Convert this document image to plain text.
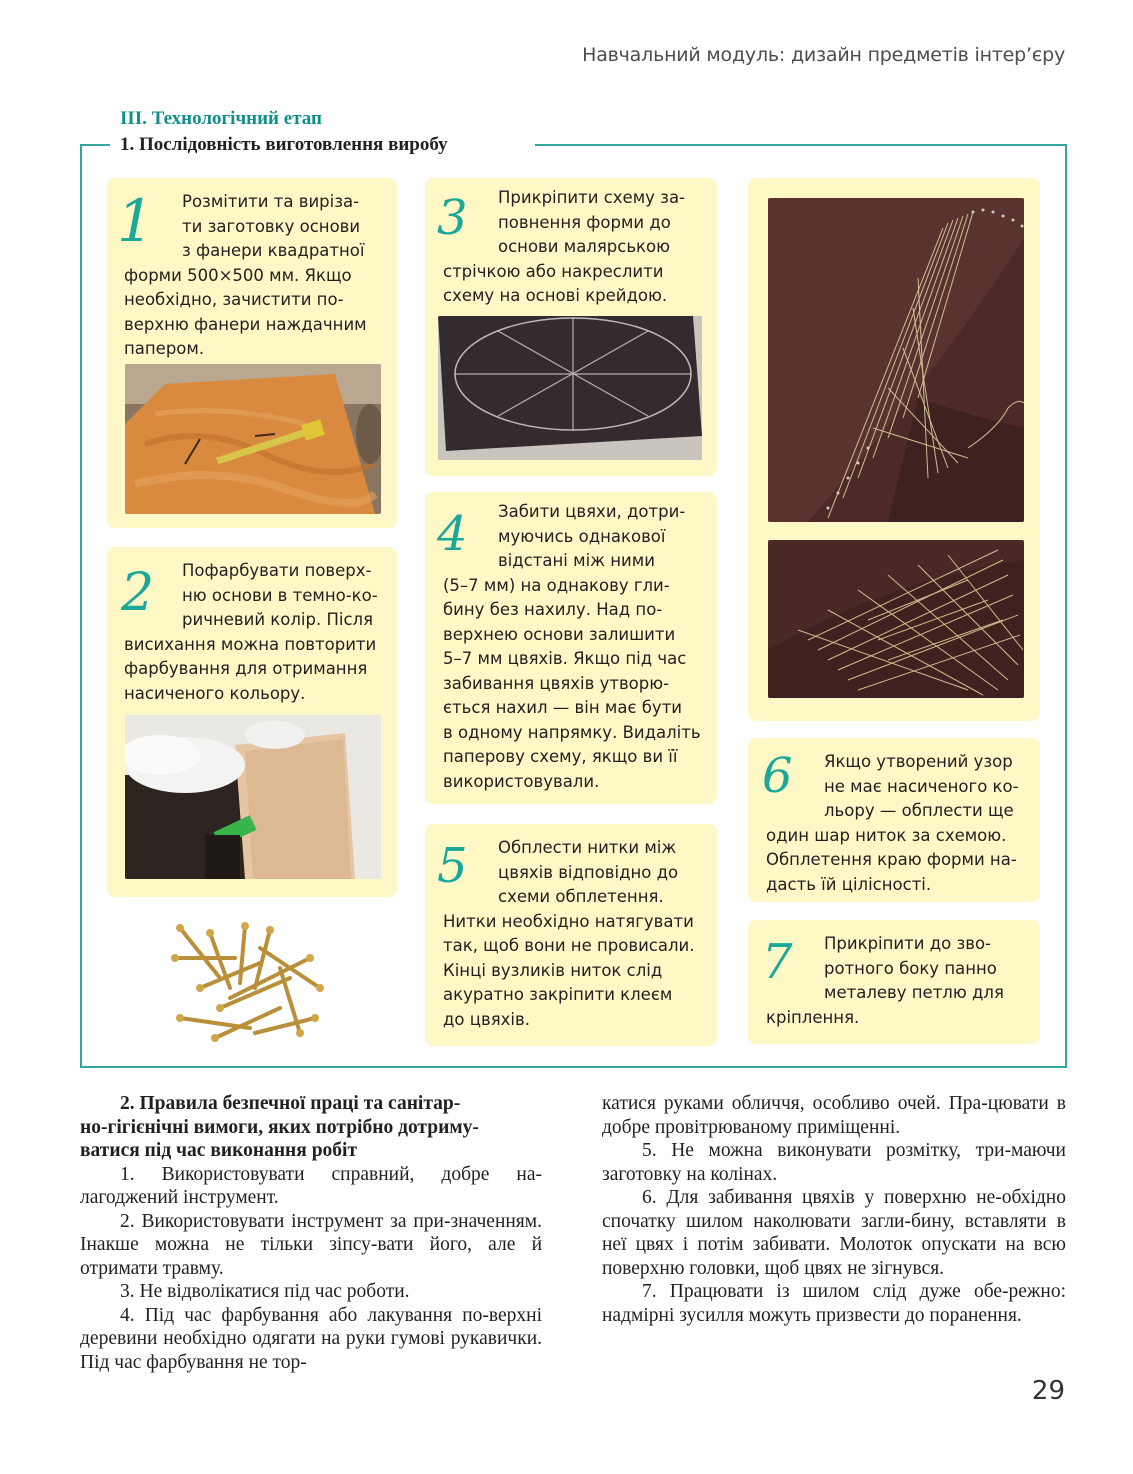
Навчальний модуль: дизайн предметів інтер’єру
III. Технологічний етап
1. Послідовність виготовлення виробу
1	Розмітити та виріза-
ти заготовку основи
з фанери квадратної
форми 500×500 мм. Якщо
необхідно, зачистити по-
верхню фанери наждачним
папером.
2	Пофарбувати поверх-
ню основи в темно-ко-
ричневий колір. Після
висихання можна повторити
фарбування для отримання
насиченого кольору.
3	Прикріпити схему за-
повнення форми до
основи малярською
стрічкою або накреслити
схему на основі крейдою.
4	Забити цвяхи, дотри-
муючись однакової
відстані між ними
(5–7 мм) на однакову гли-
бину без нахилу. Над по-
верхнею основи залишити
5–7 мм цвяхів. Якщо під час
забивання цвяхів утворю-
ється нахил — він має бути
в одному напрямку. Видаліть
паперову схему, якщо ви її
використовували.
5	Обплести нитки між
цвяхів відповідно до
схеми обплетення.
Нитки необхідно натягувати
так, щоб вони не провисали.
Кінці вузликів ниток слід
акуратно закріпити клеєм
до цвяхів.
6	Якщо утворений узор
не має насиченого ко-
льору — обплести ще
один шар ниток за схемою.
Обплетення краю форми на-
дасть їй цілісності.
7	Прикріпити до зво-
ротного боку панно
металеву петлю для
кріплення.
2. Правила безпечної праці та санітар-
но-гігієнічні вимоги, яких потрібно дотриму-
ватися під час виконання робіт

1. Використовувати справний, добре на-лагоджений інструмент.

2. Використовувати інструмент за при-значенням. Інакше можна не тільки зіпсу-вати його, але й отримати травму.

3. Не відволікатися під час роботи.

4. Під час фарбування або лакування по-верхні деревини необхідно одягати на руки гумові рукавички. Під час фарбування не тор-

катися руками обличчя, особливо очей. Пра-цювати в добре провітрюваному приміщенні.

5. Не можна виконувати розмітку, три-маючи заготовку на колінах.

6. Для забивання цвяхів у поверхню не-обхідно спочатку шилом наколювати загли-бину, вставляти в неї цвях і потім забивати. Молоток опускати на всю поверхню головки, щоб цвях не зігнувся.

7. Працювати із шилом слід дуже обе-режно: надмірні зусилля можуть призвести до поранення.

29
